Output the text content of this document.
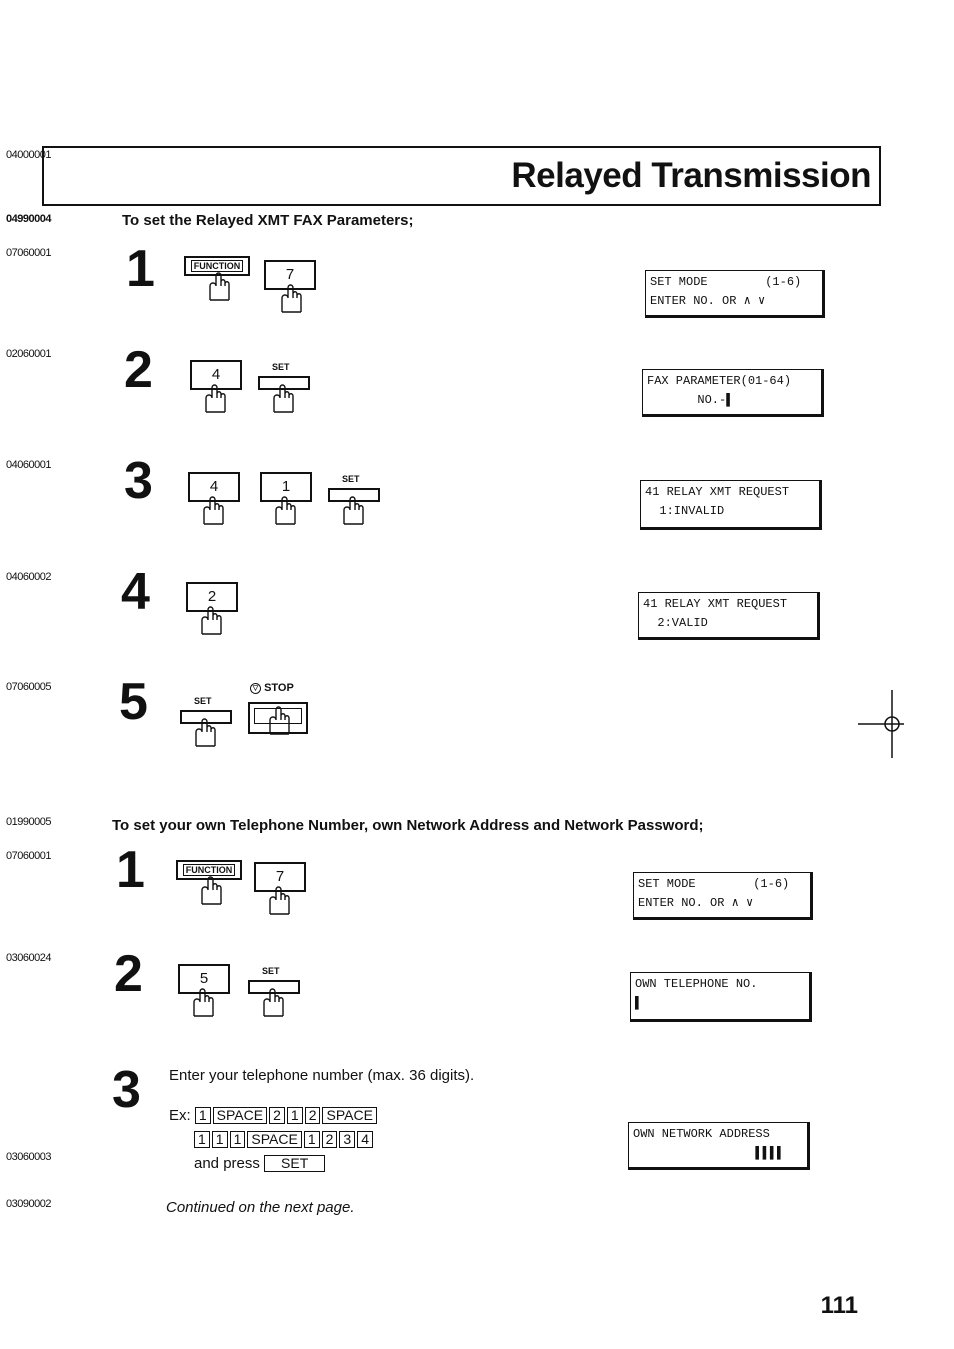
04000001
04990004
07060001
02060001
04060001
04060002
07060005
01990005
07060001
03060024
03060003
03090002
Relayed Transmission
To set the Relayed XMT FAX Parameters;
1	FUNCTION	7	SET MODE        (1-6)
ENTER NO. OR ∧ ∨
2	4	SET
FAX PARAMETER(01-64)
NO.-▌
3	4	1	SET
41 RELAY XMT REQUEST
1:INVALID
4	2	41 RELAY XMT REQUEST
2:VALID
5	SET
▽ STOP
To set your own Telephone Number, own Network Address and Network Password;
1	FUNCTION	7	SET MODE        (1-6)
ENTER NO. OR ∧ ∨
2	5	SET
OWN TELEPHONE NO.
▌
3 Enter your telephone number (max. 36 digits).
Ex: 1 SPACE 2 1 2 SPACE
1 1 1 SPACE 1 2 3 4
and press SET
OWN NETWORK ADDRESS
▌▌▌▌
Continued on the next page.
111
